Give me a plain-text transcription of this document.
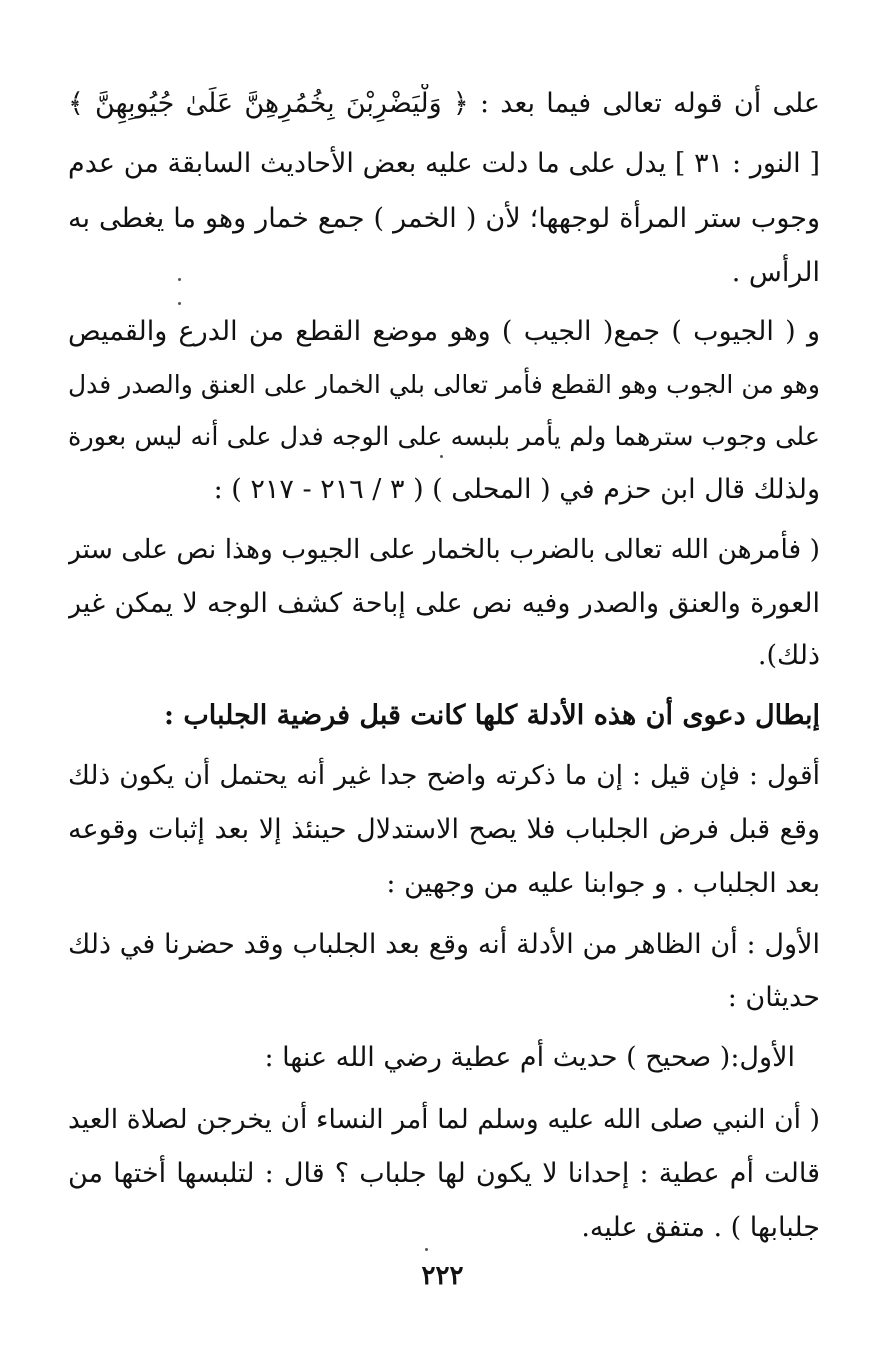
على أن قوله تعالى فيما بعد : ﴿ وَلْيَضْرِبْنَ بِخُمُرِهِنَّ عَلَىٰ جُيُوبِهِنَّ ﴾
[ النور : ٣١ ] يدل على ما دلت عليه بعض الأحاديث السابقة من عدم
وجوب ستر المرأة لوجهها؛ لأن ( الخمر ) جمع خمار وهو ما يغطى به
الرأس .
و ( الجيوب ) جمع( الجيب ) وهو موضع القطع من الدرع والقميص
وهو من الجوب وهو القطع فأمر تعالى بلي الخمار على العنق والصدر فدل
على وجوب سترهما ولم يأمر بلبسه على الوجه فدل على أنه ليس بعورة
ولذلك قال ابن حزم في ( المحلى ) ( ٣ / ٢١٦ - ٢١٧ ) :
( فأمرهن الله تعالى بالضرب بالخمار على الجيوب وهذا نص على ستر
العورة والعنق والصدر وفيه نص على إباحة كشف الوجه لا يمكن غير
ذلك).
إبطال دعوى أن هذه الأدلة كلها كانت قبل فرضية الجلباب :
أقول : فإن قيل : إن ما ذكرته واضح جدا غير أنه يحتمل أن يكون ذلك
وقع قبل فرض الجلباب فلا يصح الاستدلال حينئذ إلا بعد إثبات وقوعه
بعد الجلباب . و جوابنا عليه من وجهين :
الأول : أن الظاهر من الأدلة أنه وقع بعد الجلباب وقد حضرنا في ذلك
حديثان :
الأول:( صحيح ) حديث أم عطية رضي الله عنها :
( أن النبي صلى الله عليه وسلم لما أمر النساء أن يخرجن لصلاة العيد
قالت أم عطية : إحدانا لا يكون لها جلباب ؟ قال : لتلبسها أختها من
جلبابها ) . متفق عليه.
٢٢٢
